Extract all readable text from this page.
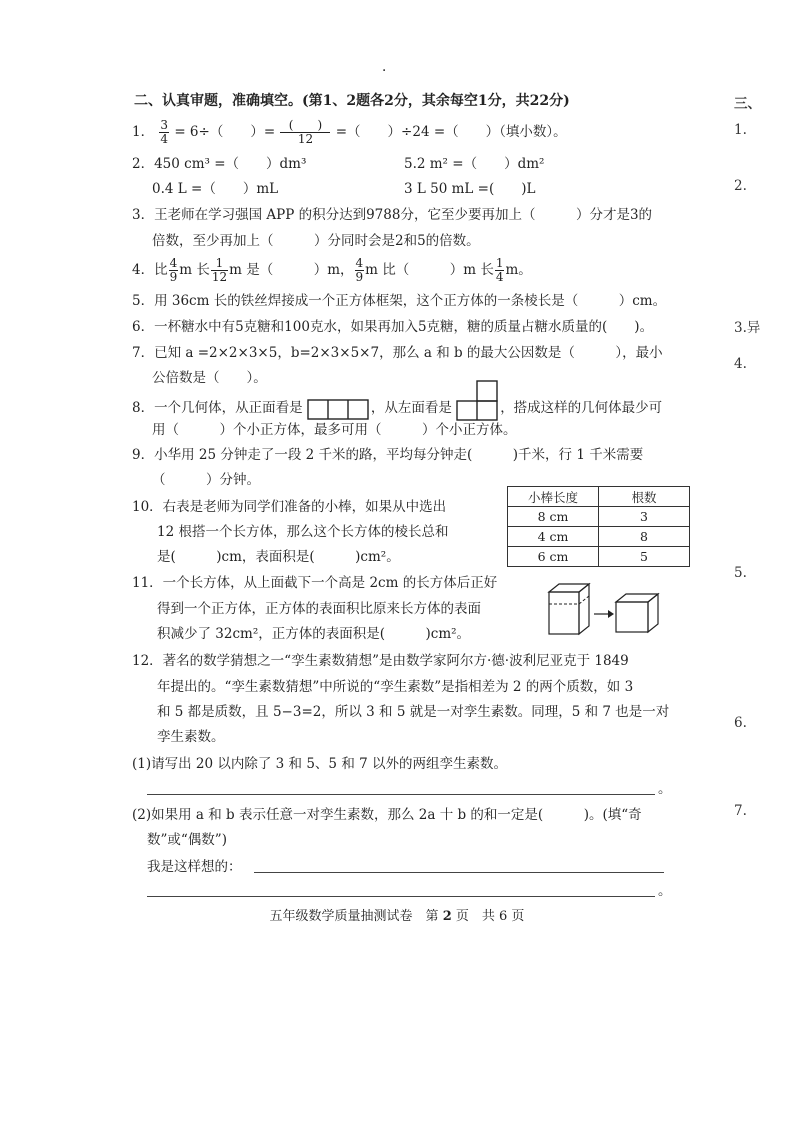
·
二、认真审题，准确填空。(第1、2题各2分，其余每空1分，共22分)
1． $\frac{3}{4} = 6\div$（　　）= $\frac{( )}{12}$ =（　　）÷24 =（　　）（填小数）。
2．450 cm³ =（　　）dm³	5.2 m² =（　　）dm²
0.4 L =（　　）mL	3 L 50 mL =(　　)L
3．王老师在学习强国 APP 的积分达到9788分，它至少要再加上（　　　）分才是3的
倍数，至少再加上（　　　）分同时会是2和5的倍数。
4．比 $\frac{4}{9}$ m 长 $\frac{1}{12}$ m 是（　　　）m， $\frac{4}{9}$ m 比（　　　）m 长 $\frac{1}{4}$ m。
5．用 36cm 长的铁丝焊接成一个正方体框架，这个正方体的一条棱长是（　　　）cm。
6．一杯糖水中有5克糖和100克水，如果再加入5克糖，糖的质量占糖水质量的(　　)。
7．已知 a =2×2×3×5，b=2×3×5×7，那么 a 和 b 的最大公因数是（　　　），最小
公倍数是（　　）。
8．一个几何体，从正面看是	，从左面看是	，搭成这样的几何体最少可
用（　　　）个小正方体，最多可用（　　　）个小正方体。
9．小华用 25 分钟走了一段 2 千米的路，平均每分钟走(　　　)千米，行 1 千米需要
（　　　）分钟。
10．右表是老师为同学们准备的小棒，如果从中选出
12 根搭一个长方体，那么这个长方体的棱长总和
是(　　　)cm，表面积是(　　　)cm²。
小棒长度	根数
8 cm	3
4 cm	8
6 cm	5
11．一个长方体，从上面截下一个高是 2cm 的长方体后正好
得到一个正方体，正方体的表面积比原来长方体的表面
积减少了 32cm²，正方体的表面积是(　　　)cm²。
12．著名的数学猜想之一“孪生素数猜想”是由数学家阿尔方·德·波利尼亚克于 1849
年提出的。“孪生素数猜想”中所说的“孪生素数”是指相差为 2 的两个质数，如 3
和 5 都是质数，且 5−3=2，所以 3 和 5 就是一对孪生素数。同理，5 和 7 也是一对
孪生素数。
(1)请写出 20 以内除了 3 和 5、5 和 7 以外的两组孪生素数。
。
(2)如果用 a 和 b 表示任意一对孪生素数，那么 2a 十 b 的和一定是(　　　)。(填“奇
数”或“偶数”)
我是这样想的：
。
五年级数学质量抽测试卷　第 2 页　共 6 页
三、
1.
2.
3.异
4.
5.
6.
7.
